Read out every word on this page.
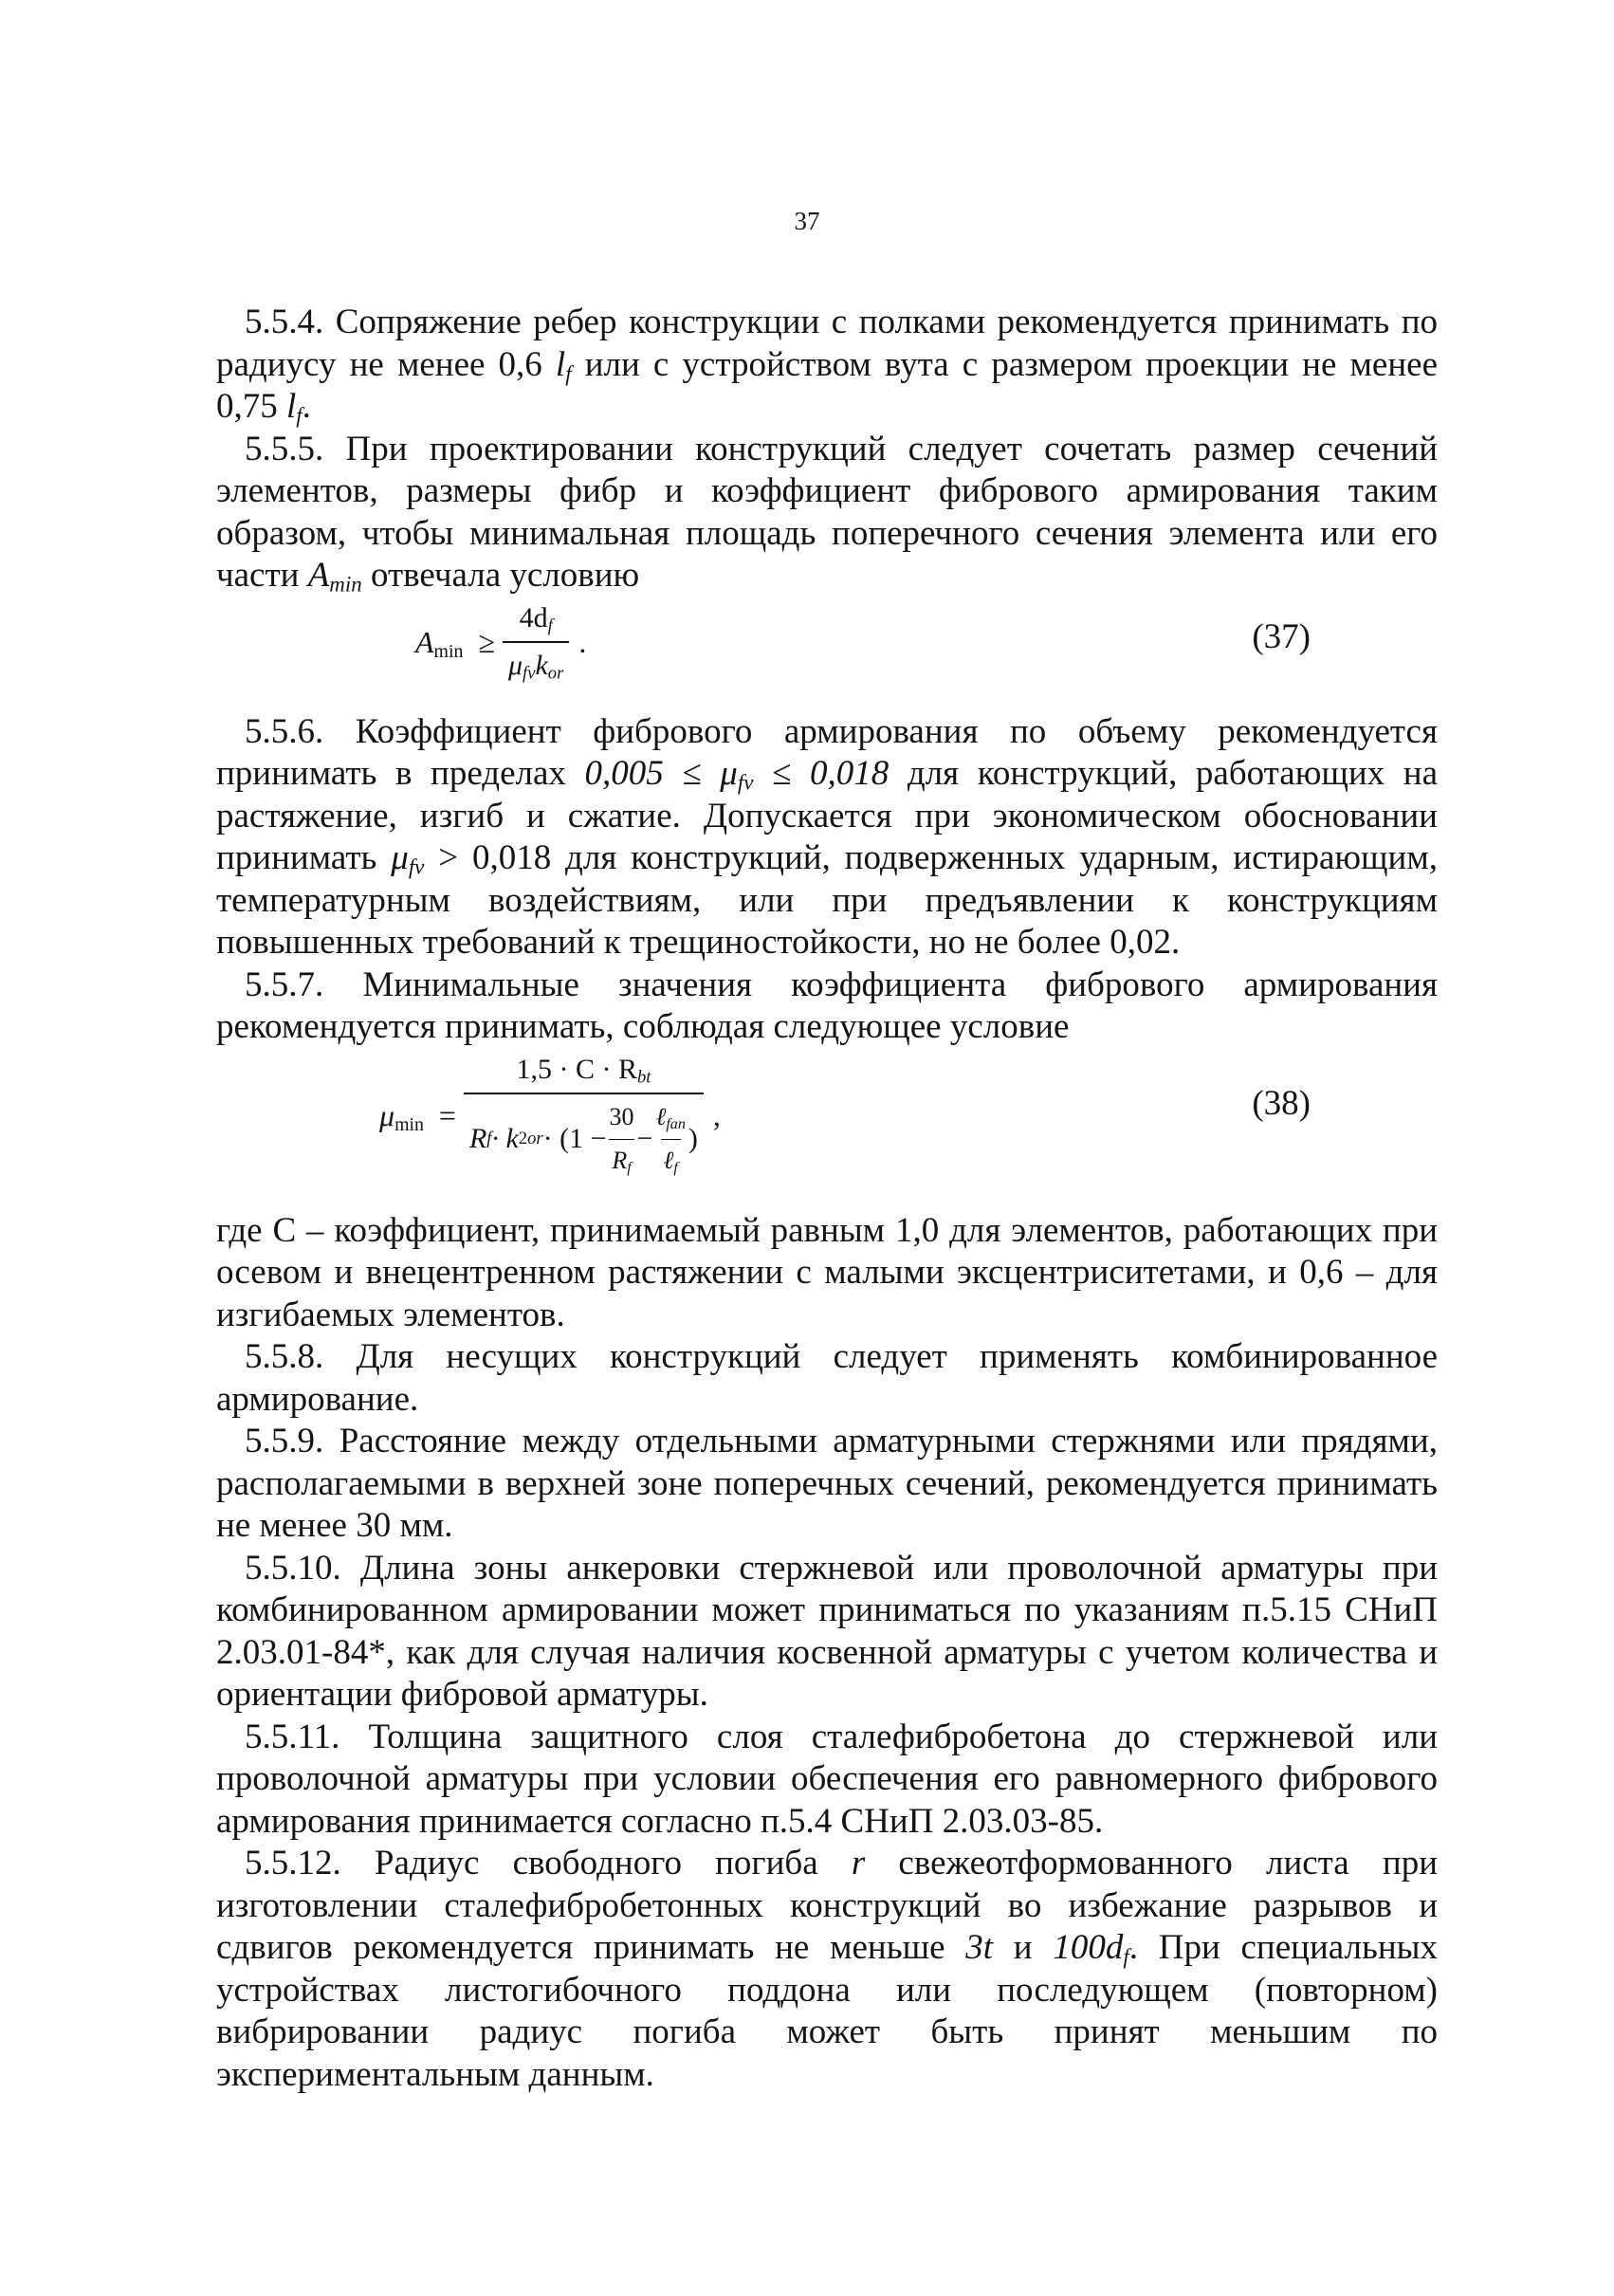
37

5.5.4. Сопряжение ребер конструкции с полками рекомендуется принимать по радиусу не менее 0,6 $l_f$ или с устройством вута с размером проекции не менее 0,75 $l_f$.

5.5.5. При проектировании конструкций следует сочетать размер сечений элементов, размеры фибр и коэффициент фибрового армирования таким образом, чтобы минимальная площадь поперечного сечения элемента или его части $A_{min}$ отвечала условию

$A_{min} \ge \frac{4d_f}{\mu_{fv}k_{or}}$ .	(37)

5.5.6. Коэффициент фибрового армирования по объему рекомендуется принимать в пределах $0,005 \le \mu_{fv} \le 0,018$ для конструкций, работающих на растяжение, изгиб и сжатие. Допускается при экономическом обосновании принимать $\mu_{fv} > 0,018$ для конструкций, подверженных ударным, истирающим, температурным воздействиям, или при предъявлении к конструкциям повышенных требований к трещиностойкости, но не более 0,02.

5.5.7. Минимальные значения коэффициента фибрового армирования рекомендуется принимать, соблюдая следующее условие

$\mu_{min}$ =
$1,5 \cdot C \cdot R_{bt}$
R f · k 2 or · ($1 - \frac{30}{R_f} - \frac{\ell_{fan}}{\ell_f}$ )
,	(38)

где С – коэффициент, принимаемый равным 1,0 для элементов, работающих при осевом и внецентренном растяжении с малыми эксцентриситетами, и 0,6 – для изгибаемых элементов.

5.5.8. Для несущих конструкций следует применять комбинированное армирование.

5.5.9. Расстояние между отдельными арматурными стержнями или прядями, располагаемыми в верхней зоне поперечных сечений, рекомендуется принимать не менее 30 мм.

5.5.10. Длина зоны анкеровки стержневой или проволочной арматуры при комбинированном армировании может приниматься по указаниям п.5.15 СНиП 2.03.01-84*, как для случая наличия косвенной арматуры с учетом количества и ориентации фибровой арматуры.

5.5.11. Толщина защитного слоя сталефибробетона до стержневой или проволочной арматуры при условии обеспечения его равномерного фибрового армирования принимается согласно п.5.4 СНиП 2.03.03-85.

5.5.12. Радиус свободного погиба r свежеотформованного листа при изготовлении сталефибробетонных конструкций во избежание разрывов и сдвигов рекомендуется принимать не меньше 3t и $100d_f$. При специальных устройствах листогибочного поддона или последующем (повторном) вибрировании радиус погиба может быть принят меньшим по экспериментальным данным.
